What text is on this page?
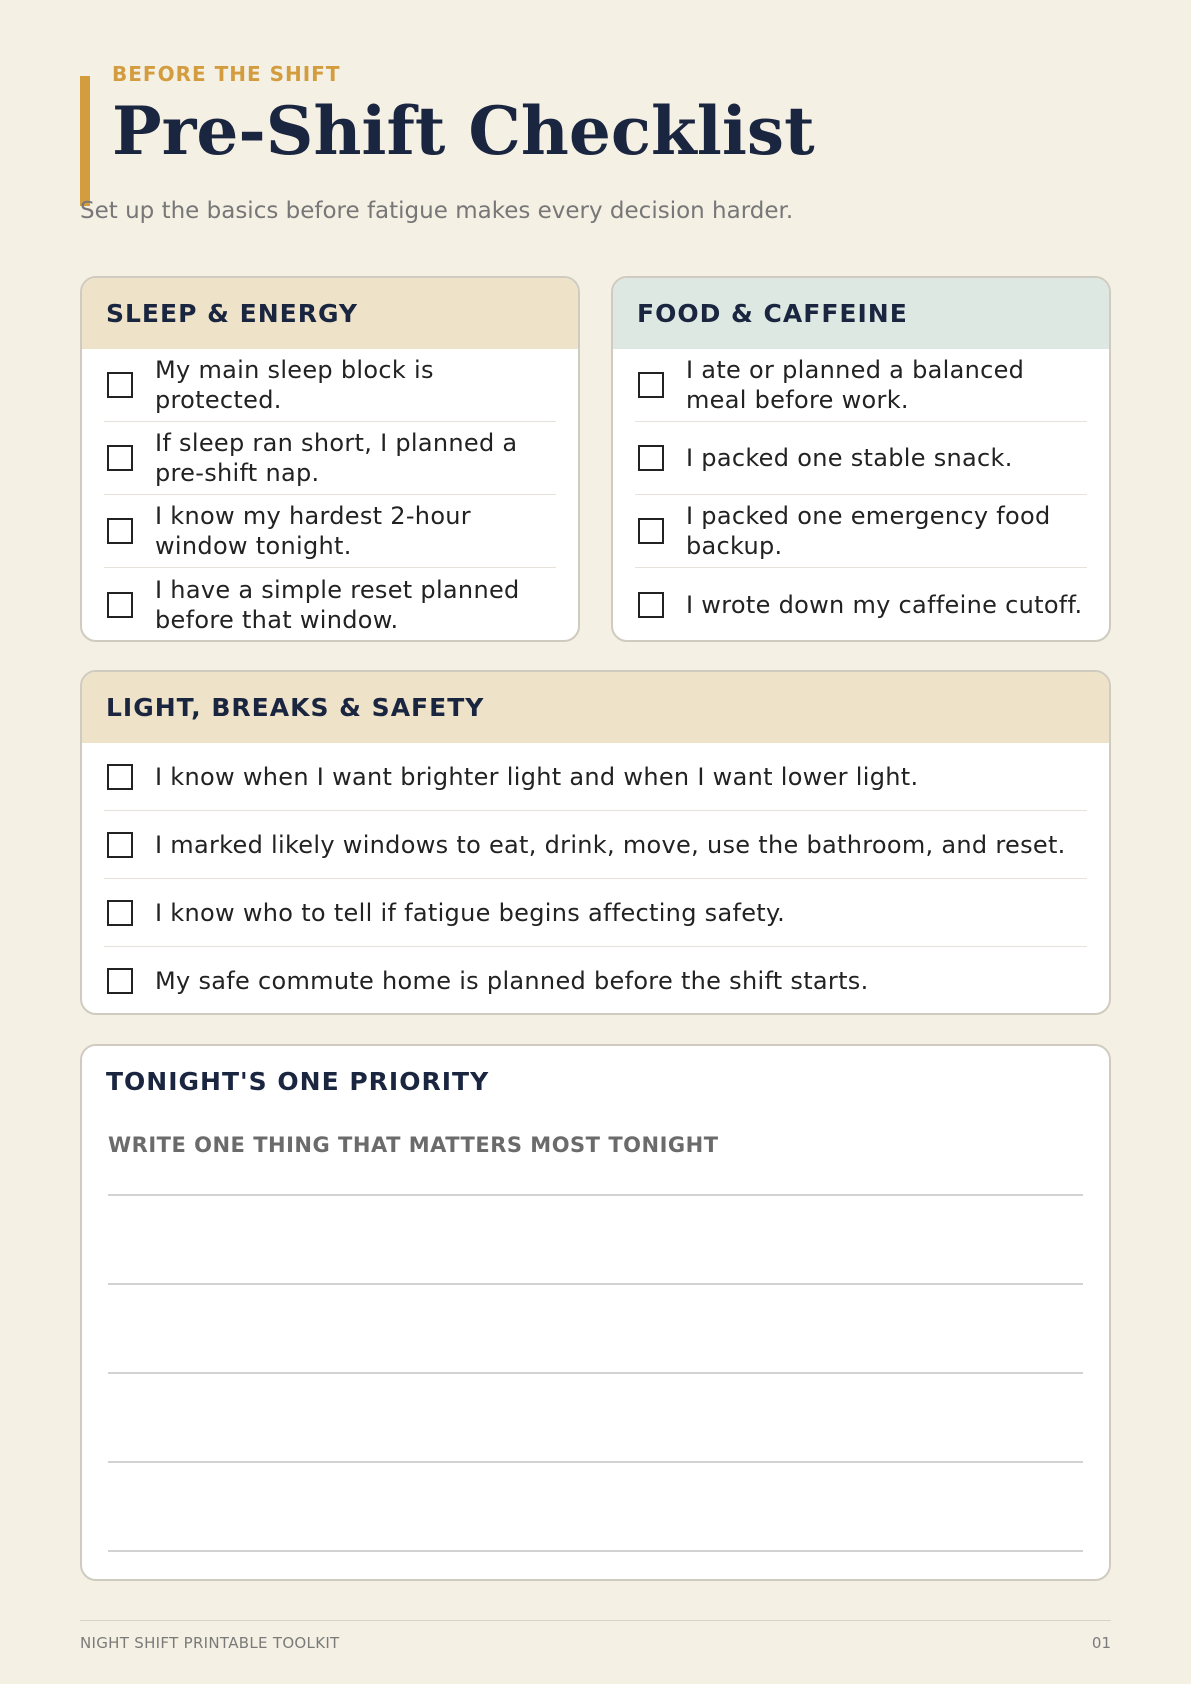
BEFORE THE SHIFT
Pre-Shift Checklist

Set up the basics before fatigue makes every decision harder.

SLEEP & ENERGY
My main sleep block is protected.
If sleep ran short, I planned a pre-shift nap.
I know my hardest 2-hour window tonight.
I have a simple reset planned before that window.
FOOD & CAFFEINE
I ate or planned a balanced meal before work.
I packed one stable snack.
I packed one emergency food backup.
I wrote down my caffeine cutoff.
LIGHT, BREAKS & SAFETY
I know when I want brighter light and when I want lower light.
I marked likely windows to eat, drink, move, use the bathroom, and reset.
I know who to tell if fatigue begins affecting safety.
My safe commute home is planned before the shift starts.
TONIGHT'S ONE PRIORITY
WRITE ONE THING THAT MATTERS MOST TONIGHT
NIGHT SHIFT PRINTABLE TOOLKIT	01
